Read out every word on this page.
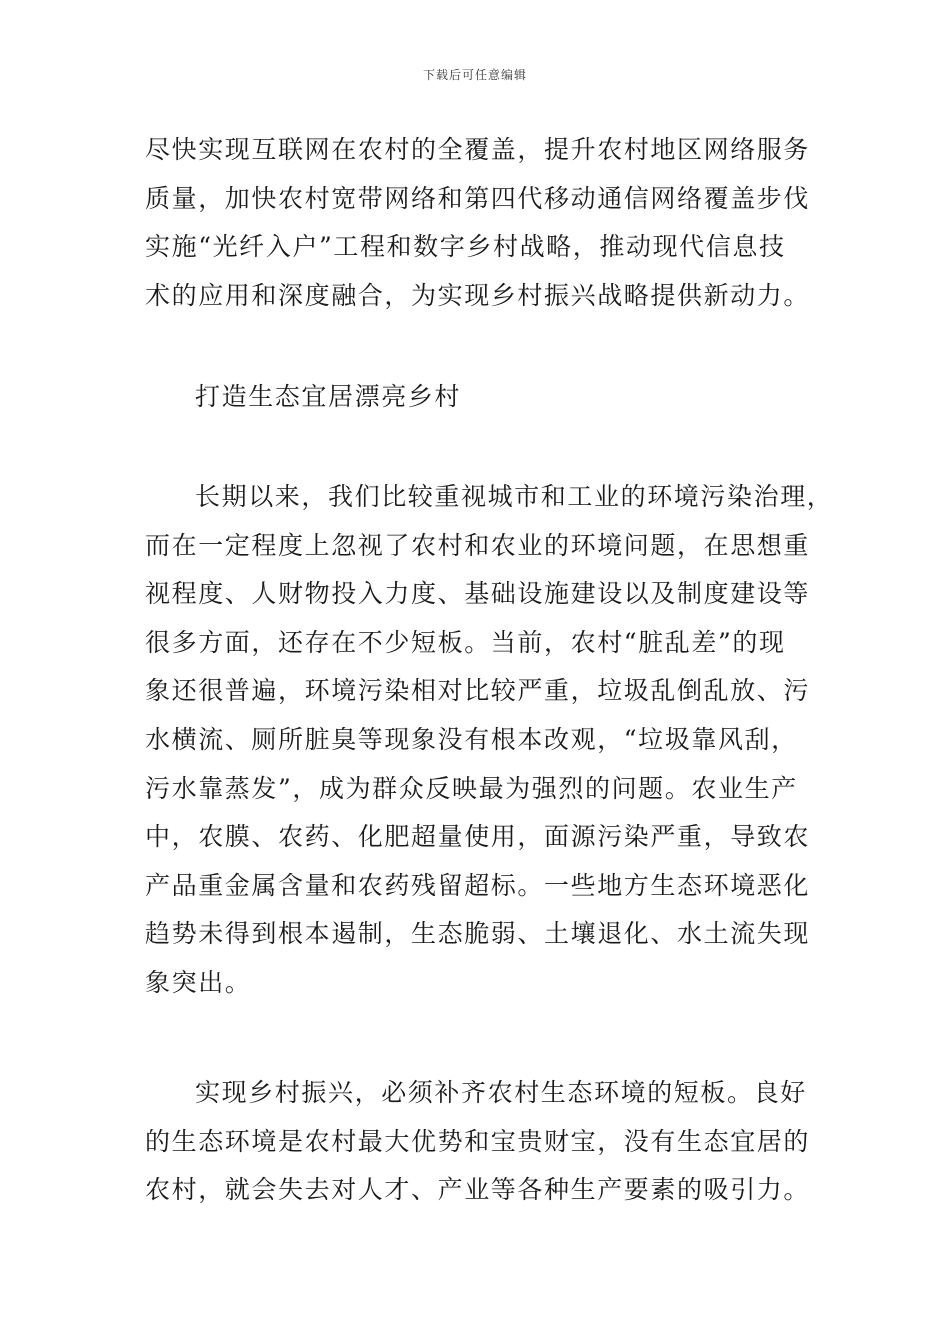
下载后可任意编辑
尽快实现互联网在农村的全覆盖，提升农村地区网络服务
质量，加快农村宽带网络和第四代移动通信网络覆盖步伐
实施“光纤入户”工程和数字乡村战略，推动现代信息技
术的应用和深度融合，为实现乡村振兴战略提供新动力。
打造生态宜居漂亮乡村
长期以来，我们比较重视城市和工业的环境污染治理，
而在一定程度上忽视了农村和农业的环境问题，在思想重
视程度、人财物投入力度、基础设施建设以及制度建设等
很多方面，还存在不少短板。当前，农村“脏乱差”的现
象还很普遍，环境污染相对比较严重，垃圾乱倒乱放、污
水横流、厕所脏臭等现象没有根本改观，“垃圾靠风刮，
污水靠蒸发”，成为群众反映最为强烈的问题。农业生产
中，农膜、农药、化肥超量使用，面源污染严重，导致农
产品重金属含量和农药残留超标。一些地方生态环境恶化
趋势未得到根本遏制，生态脆弱、土壤退化、水土流失现
象突出。
实现乡村振兴，必须补齐农村生态环境的短板。良好
的生态环境是农村最大优势和宝贵财宝，没有生态宜居的
农村，就会失去对人才、产业等各种生产要素的吸引力。
